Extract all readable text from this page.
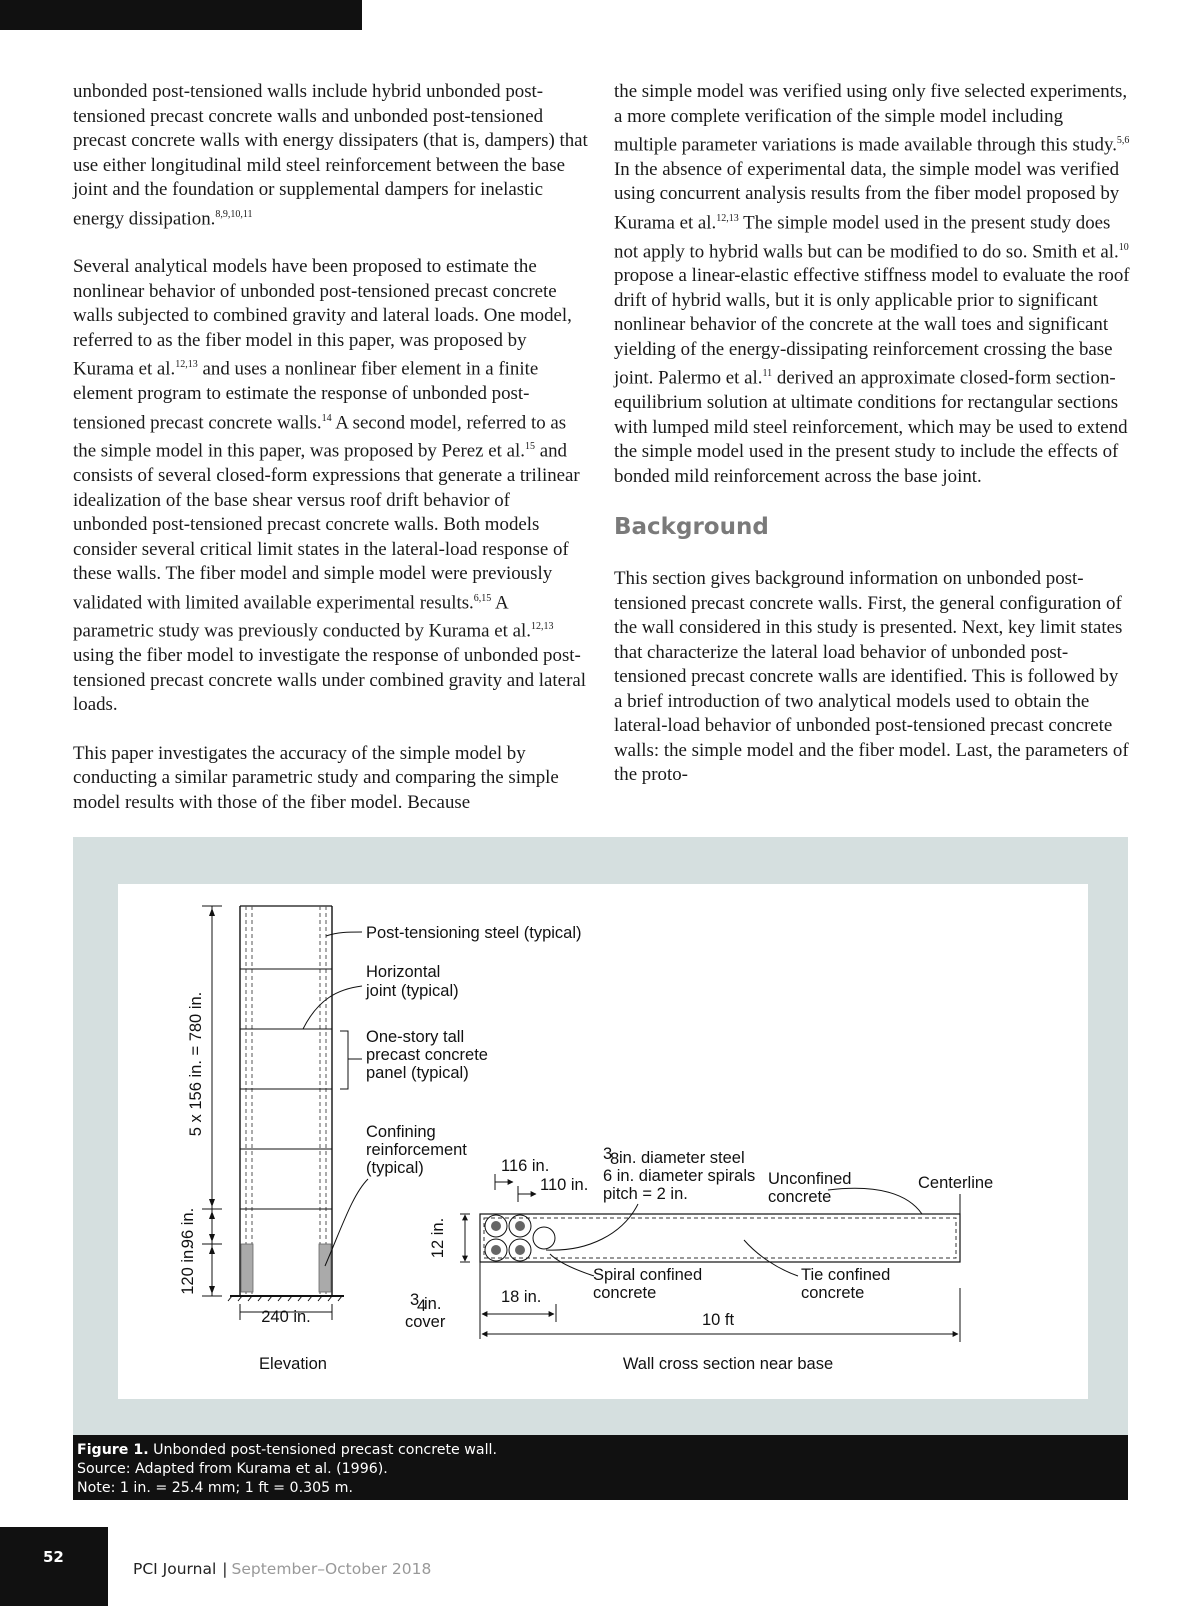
unbonded post-tensioned walls include hybrid unbonded post-tensioned precast concrete walls and unbonded post-tensioned precast concrete walls with energy dissipaters (that is, dampers) that use either longitudinal mild steel reinforcement between the base joint and the foundation or supplemental dampers for inelastic energy dissipation.$^{8,9,10,11}$

Several analytical models have been proposed to estimate the nonlinear behavior of unbonded post-tensioned precast concrete walls subjected to combined gravity and lateral loads. One model, referred to as the fiber model in this paper, was proposed by Kurama et al.$^{12,13}$ and uses a nonlinear fiber element in a finite element program to estimate the response of unbonded post-tensioned precast concrete walls.$^{14}$ A second model, referred to as the simple model in this paper, was proposed by Perez et al.$^{15}$ and consists of several closed-form expressions that generate a trilinear idealization of the base shear versus roof drift behavior of unbonded post-tensioned precast concrete walls. Both models consider several critical limit states in the lateral-load response of these walls. The fiber model and simple model were previously validated with limited available experimental results.$^{6,15}$ A parametric study was previously conducted by Kurama et al.$^{12,13}$ using the fiber model to investigate the response of unbonded post-tensioned precast concrete walls under combined gravity and lateral loads.

This paper investigates the accuracy of the simple model by conducting a similar parametric study and comparing the simple model results with those of the fiber model. Because

the simple model was verified using only five selected experiments, a more complete verification of the simple model including multiple parameter variations is made available through this study.$^{5,6}$ In the absence of experimental data, the simple model was verified using concurrent analysis results from the fiber model proposed by Kurama et al.$^{12,13}$ The simple model used in the present study does not apply to hybrid walls but can be modified to do so. Smith et al.$^{10}$ propose a linear-elastic effective stiffness model to evaluate the roof drift of hybrid walls, but it is only applicable prior to significant nonlinear behavior of the concrete at the wall toes and significant yielding of the energy-dissipating reinforcement crossing the base joint. Palermo et al.$^{11}$ derived an approximate closed-form section-equilibrium solution at ultimate conditions for rectangular sections with lumped mild steel reinforcement, which may be used to extend the simple model used in the present study to include the effects of bonded mild reinforcement across the base joint.

Background

This section gives background information on unbonded post-tensioned precast concrete walls. First, the general configuration of the wall considered in this study is presented. Next, key limit states that characterize the lateral load behavior of unbonded post-tensioned precast concrete walls are identified. This is followed by a brief introduction of two analytical models used to obtain the lateral-load behavior of unbonded post-tensioned precast concrete walls: the simple model and the fiber model. Last, the parameters of the proto-

5 x 156 in. = 780 in.
120 in.
96 in.
240 in.
Elevation
Post-tensioning steel (typical)
Horizontal
joint (typical)
One-story tall
precast concrete
panel (typical)
Confining
reinforcement
(typical)
12 in.
116 in.
110 in.
3
8 in. diameter steel
6 in. diameter spirals
pitch = 2 in.
Unconfined
concrete
Centerline
18 in.
10 ft
3
4
in.
cover
Spiral confined
concrete
Tie confined
concrete
Wall cross section near base
Figure 1. Unbonded post-tensioned precast concrete wall.
Source: Adapted from Kurama et al. (1996).
Note: 1 in. = 25.4 mm; 1 ft = 0.305 m.
52
PCI Journal | September–October 2018
